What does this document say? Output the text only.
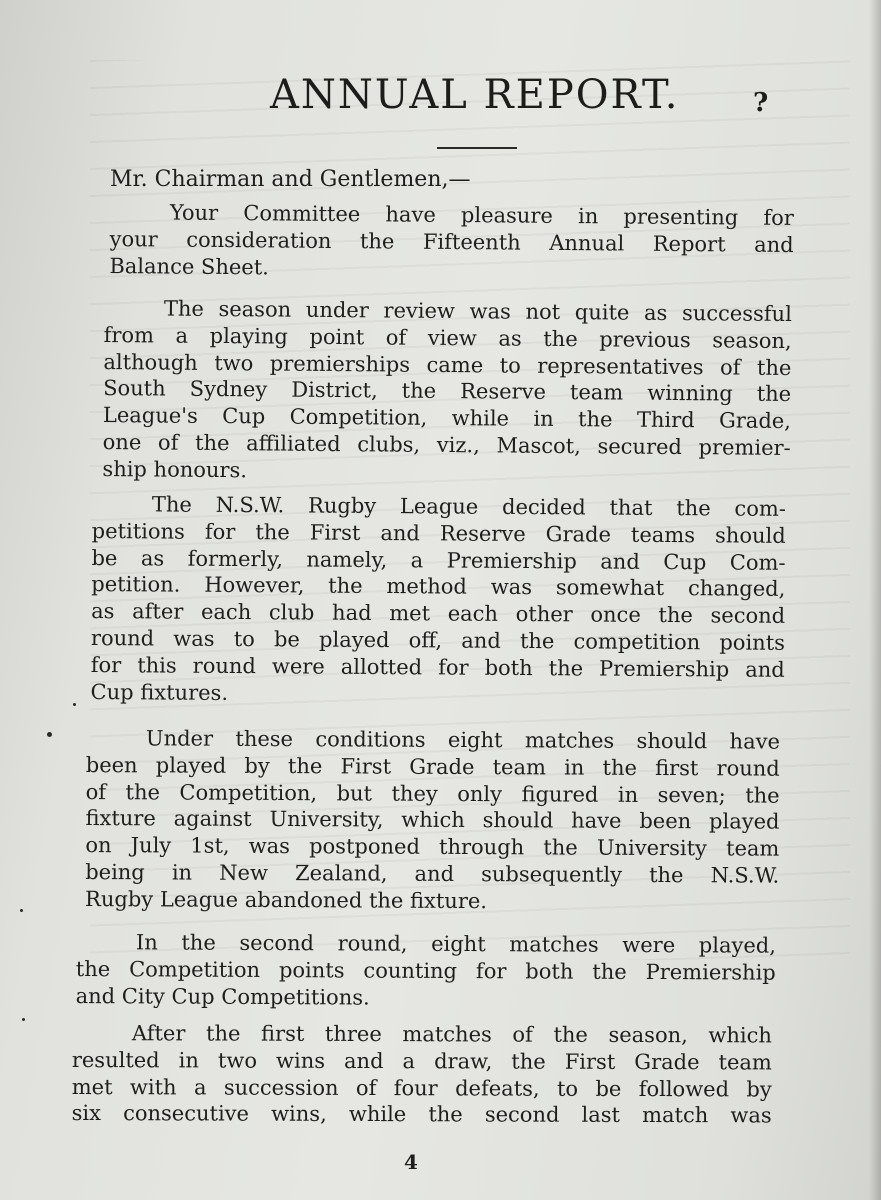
ANNUAL REPORT.	?

Mr. Chairman and Gentlemen,—

Your Committee have pleasure in presenting for
your consideration the Fifteenth Annual Report and
Balance Sheet.

The season under review was not quite as successful
from a playing point of view as the previous season,
although two premierships came to representatives of the
South Sydney District, the Reserve team winning the
League's Cup Competition, while in the Third Grade,
one of the affiliated clubs, viz., Mascot, secured premier-
ship honours.

The N.S.W. Rugby League decided that the com-
petitions for the First and Reserve Grade teams should
be as formerly, namely, a Premiership and Cup Com-
petition. However, the method was somewhat changed,
as after each club had met each other once the second
round was to be played off, and the competition points
for this round were allotted for both the Premiership and
Cup fixtures.

Under these conditions eight matches should have
been played by the First Grade team in the first round
of the Competition, but they only figured in seven; the
fixture against University, which should have been played
on July 1st, was postponed through the University team
being in New Zealand, and subsequently the N.S.W.
Rugby League abandoned the fixture.

In the second round, eight matches were played,
the Competition points counting for both the Premiership
and City Cup Competitions.

After the first three matches of the season, which
resulted in two wins and a draw, the First Grade team
met with a succession of four defeats, to be followed by
six consecutive wins, while the second last match was

4
